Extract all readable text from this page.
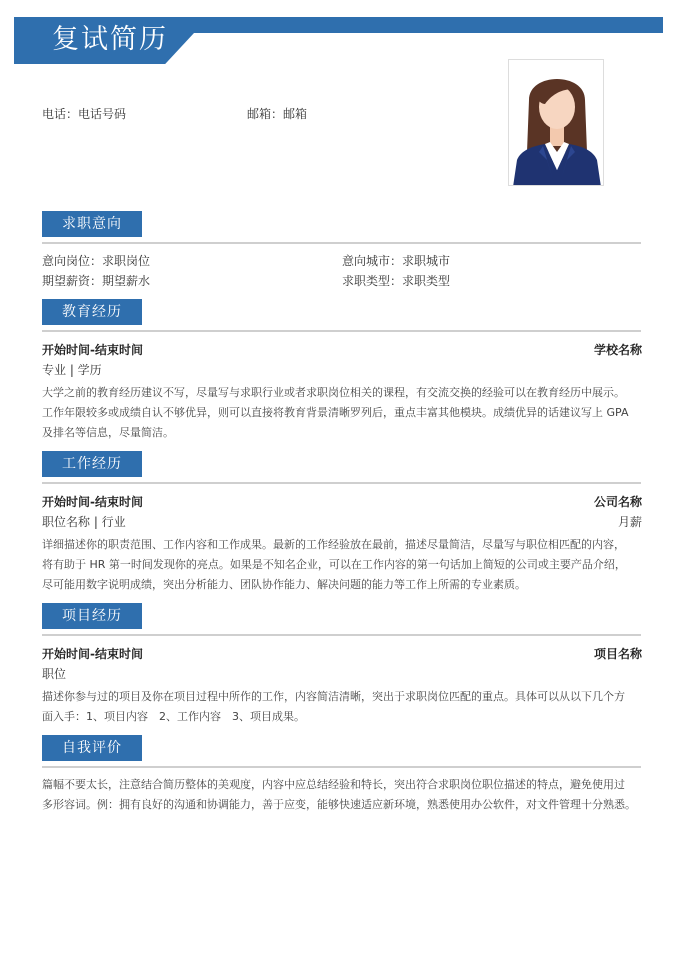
复试简历
电话：电话号码	邮箱：邮箱
求职意向
意向岗位：求职岗位	意向城市：求职城市
期望薪资：期望薪水	求职类型：求职类型
教育经历
开始时间-结束时间	学校名称
专业 | 学历
大学之前的教育经历建议不写，尽量写与求职行业或者求职岗位相关的课程，有交流交换的经验可以在教育经历中展示。
工作年限较多或成绩自认不够优异，则可以直接将教育背景清晰罗列后，重点丰富其他模块。成绩优异的话建议写上 GPA
及排名等信息，尽量简洁。
工作经历
开始时间-结束时间	公司名称
职位名称 | 行业	月薪
详细描述你的职责范围、工作内容和工作成果。最新的工作经验放在最前，描述尽量简洁，尽量写与职位相匹配的内容，
将有助于 HR 第一时间发现你的亮点。如果是不知名企业，可以在工作内容的第一句话加上简短的公司或主要产品介绍，
尽可能用数字说明成绩，突出分析能力、团队协作能力、解决问题的能力等工作上所需的专业素质。
项目经历
开始时间-结束时间	项目名称
职位
描述你参与过的项目及你在项目过程中所作的工作，内容简洁清晰，突出于求职岗位匹配的重点。具体可以从以下几个方
面入手：1、项目内容　2、工作内容　3、项目成果。
自我评价
篇幅不要太长，注意结合简历整体的美观度，内容中应总结经验和特长，突出符合求职岗位职位描述的特点，避免使用过
多形容词。例：拥有良好的沟通和协调能力，善于应变，能够快速适应新环境，熟悉使用办公软件，对文件管理十分熟悉。
